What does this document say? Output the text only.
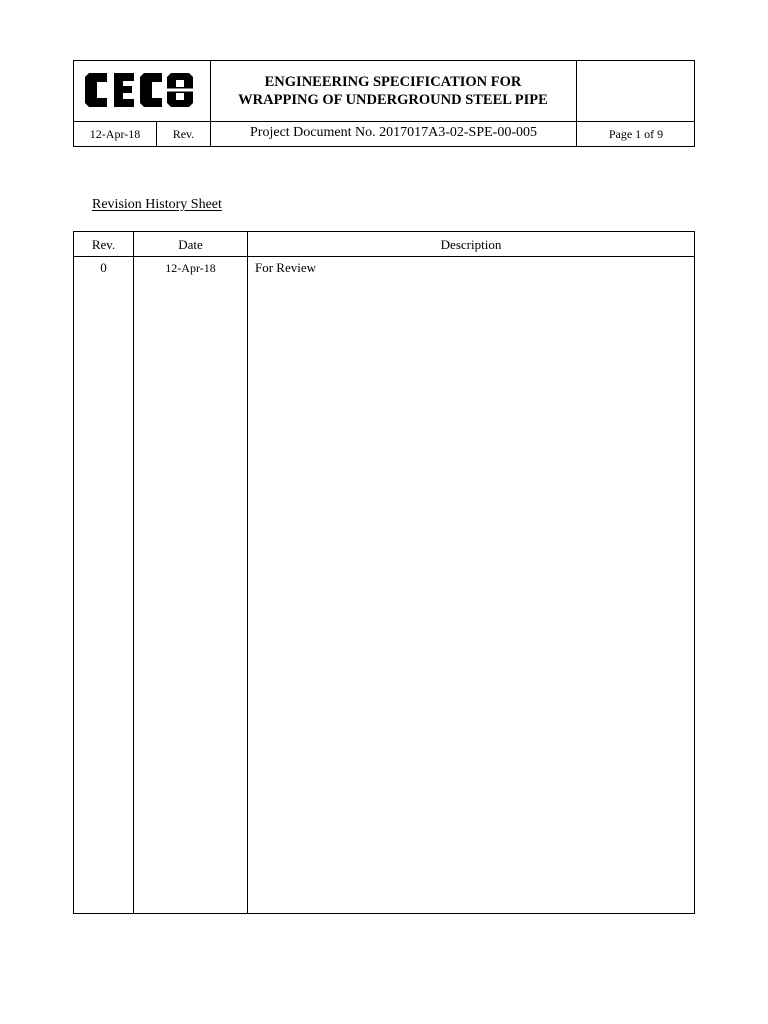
ENGINEERING SPECIFICATION FOR
WRAPPING OF UNDERGROUND STEEL PIPE
12-Apr-18	Rev.	Project Document No. 2017017A3-02-SPE-00-005	Page 1 of 9
Revision History Sheet
Rev.	Date	Description
0	12-Apr-18	For Review
